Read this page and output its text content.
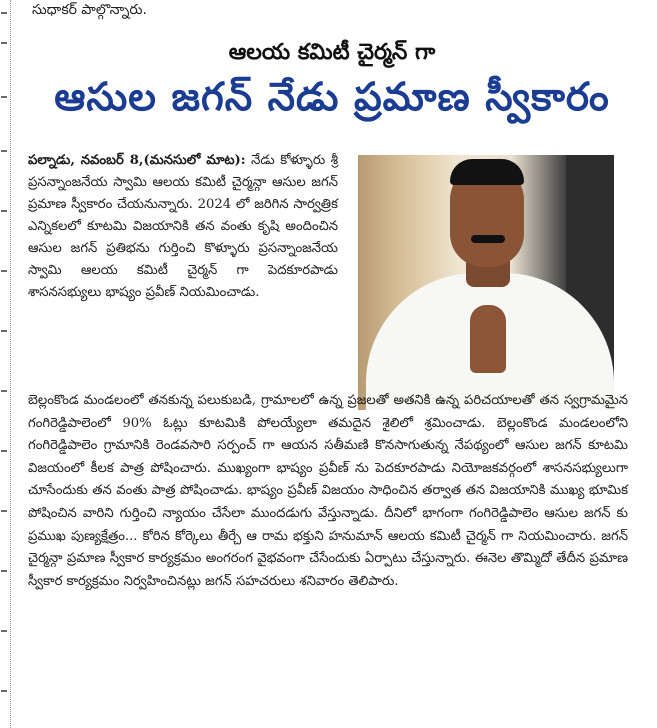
సుధాకర్ పాల్గొన్నారు.
ఆలయ కమిటీ చైర్మన్ గా
ఆసుల జగన్ నేడు ప్రమాణ స్వీకారం

పల్నాడు, నవంబర్ 8,(మనసులో మాట): నేడు కోళ్ళూరు శ్రీ ప్రసన్నాంజనేయ స్వామి ఆలయ కమిటీ చైర్మన్గా ఆసుల జగన్ ప్రమాణ స్వీకారం చేయనున్నారు. 2024 లో జరిగిన సార్వత్రిక ఎన్నికలలో కూటమి విజయానికి తన వంతు కృషి అందించిన ఆసుల జగన్ ప్రతిభను గుర్తించి కొళ్ళూరు ప్రసన్నాంజనేయ స్వామి ఆలయ కమిటీ చైర్మన్ గా పెదకూరపాడు శాసనసభ్యులు భాష్యం ప్రవీణ్ నియమించాడు.

బెల్లంకొండ మండలంలో తనకున్న పలుకుబడి, గ్రామాలలో ఉన్న ప్రజలతో అతనికి ఉన్న పరిచయాలతో తన స్వగ్రామమైన గంగిరెడ్డిపాలెంలో 90% ఓట్లు కూటమికి పోలయ్యేలా తమదైన శైలిలో శ్రమించాడు. బెల్లంకొండ మండలంలోని గంగిరెడ్డిపాలెం గ్రామానికి రెండవసారి సర్పంచ్ గా ఆయన సతీమణి కొనసాగుతున్న నేపథ్యంలో ఆసుల జగన్ కూటమి విజయంలో కీలక పాత్ర పోషించారు. ముఖ్యంగా భాష్యం ప్రవీణ్ ను పెదకూరపాడు నియోజకవర్గంలో శాసనసభ్యులుగా చూసేందుకు తన వంతు పాత్ర పోషించాడు. భాష్యం ప్రవీణ్ విజయం సాధించిన తర్వాత తన విజయానికి ముఖ్య భూమిక పోషించిన వారిని గుర్తించి న్యాయం చేసేలా ముందడుగు వేస్తున్నాడు. దీనిలో భాగంగా గంగిరెడ్డిపాలెం ఆసుల జగన్ కు ప్రముఖ పుణ్యక్షేత్రం... కోరిన కోర్కెలు తీర్చే ఆ రామ భక్తుని హనుమాన్ ఆలయ కమిటీ చైర్మన్ గా నియమించారు. జగన్ చైర్మన్గా ప్రమాణ స్వీకార కార్యక్రమం అంగరంగ వైభవంగా చేసేందుకు ఏర్పాటు చేస్తున్నారు. ఈనెల తొమ్మిదో తేదీన ప్రమాణ స్వీకార కార్యక్రమం నిర్వహించినట్లు జగన్ సహచరులు శనివారం తెలిపారు.
